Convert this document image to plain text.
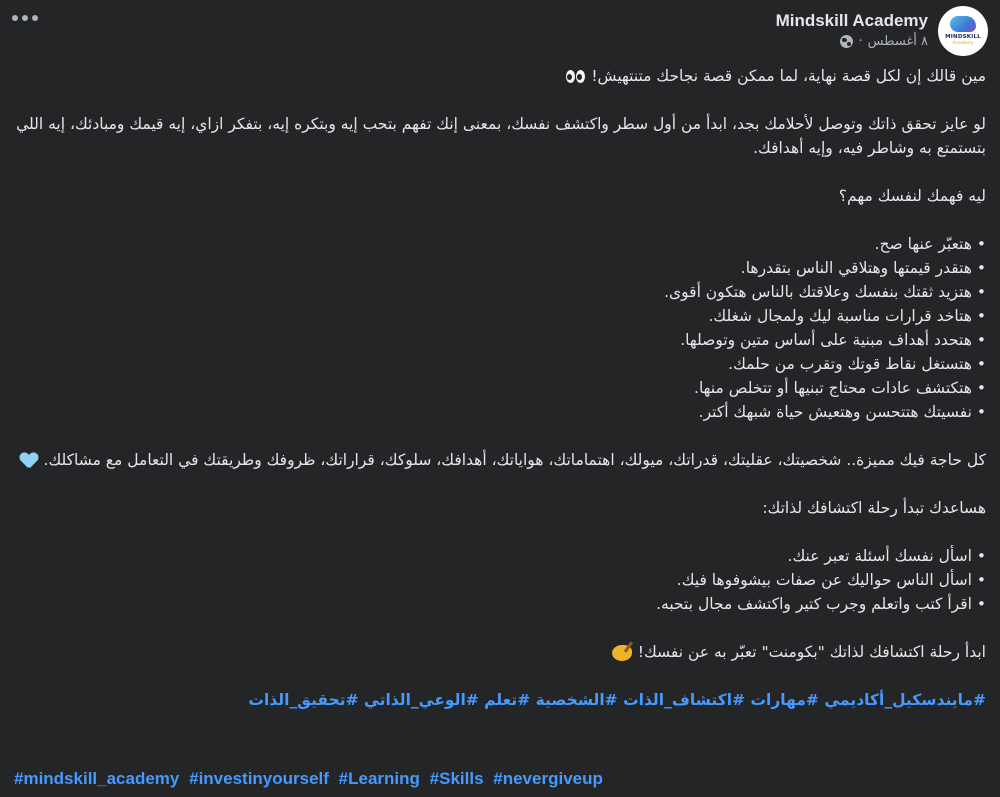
MINDSKILL
Academy
Mindskill Academy
٨ أغسطس
·

مين قالك إن لكل قصة نهاية، لما ممكن قصة نجاحك متنتهيش!

لو عايز تحقق ذاتك وتوصل لأحلامك بجد، ابدأ من أول سطر واكتشف نفسك، بمعنى إنك تفهم بتحب إيه وبتكره إيه، بتفكر ازاي، إيه قيمك ومبادئك، إيه اللي بتستمتع به وشاطر فيه، وإيه أهدافك.

ليه فهمك لنفسك مهم؟

• هتعبّر عنها صح.
• هتقدر قيمتها وهتلاقي الناس بتقدرها.
• هتزيد ثقتك بنفسك وعلاقتك بالناس هتكون أقوى.
• هتاخد قرارات مناسبة ليك ولمجال شغلك.
• هتحدد أهداف مبنية على أساس متين وتوصلها.
• هتستغل نقاط قوتك وتقرب من حلمك.
• هتكتشف عادات محتاج تبنيها أو تتخلص منها.
• نفسيتك هتتحسن وهتعيش حياة شبهك أكتر.

كل حاجة فيك مميزة.. شخصيتك، عقليتك، قدراتك، ميولك، اهتماماتك، هواياتك، أهدافك، سلوكك، قراراتك، ظروفك وطريقتك في التعامل مع مشاكلك.

هساعدك تبدأ رحلة اكتشافك لذاتك:

• اسأل نفسك أسئلة تعبر عنك.
• اسأل الناس حواليك عن صفات بيشوفوها فيك.
• اقرأ كتب واتعلم وجرب كتير واكتشف مجال بتحبه.

ابدأ رحلة اكتشافك لذاتك "بكومنت" تعبّر به عن نفسك!

#مايندسكيل_أكاديمي #مهارات #اكتشاف_الذات #الشخصية #تعلم #الوعي_الذاتي #تحقيق_الذات

#mindskill_academy #investinyourself #Learning #Skills #nevergiveup
